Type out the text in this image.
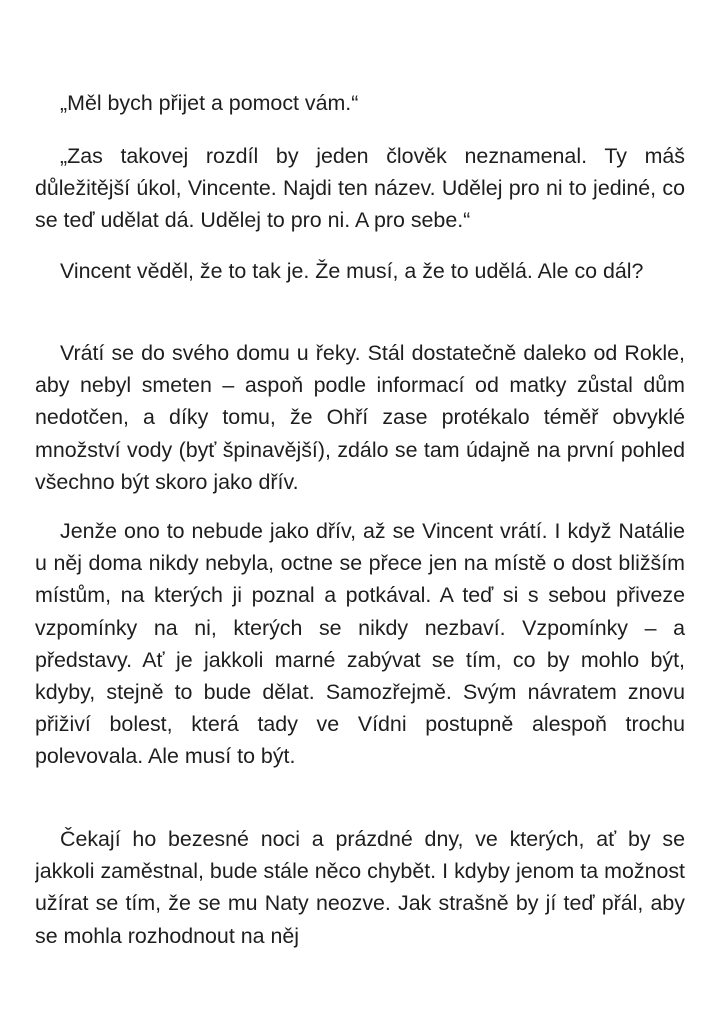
„Měl bych přijet a pomoct vám.“

„Zas takovej rozdíl by jeden člověk neznamenal. Ty máš důležitější úkol, Vincente. Najdi ten název. Udělej pro ni to jediné, co se teď udělat dá. Udělej to pro ni. A pro sebe.“

Vincent věděl, že to tak je. Že musí, a že to udělá. Ale co dál?

Vrátí se do svého domu u řeky. Stál dostatečně daleko od Rokle, aby nebyl smeten – aspoň podle informací od matky zůstal dům nedotčen, a díky tomu, že Ohří zase protékalo téměř obvyklé množství vody (byť špinavější), zdálo se tam údajně na první pohled všechno být skoro jako dřív.

Jenže ono to nebude jako dřív, až se Vincent vrátí. I když Natálie u něj doma nikdy nebyla, octne se přece jen na místě o dost bližším místům, na kterých ji poznal a potkával. A teď si s sebou přiveze vzpomínky na ni, kterých se nikdy nezbaví. Vzpomínky – a představy. Ať je jakkoli marné zabývat se tím, co by mohlo být, kdyby, stejně to bude dělat. Samozřejmě. Svým návratem znovu přiživí bolest, která tady ve Vídni postupně alespoň trochu polevovala. Ale musí to být.

Čekají ho bezesné noci a prázdné dny, ve kterých, ať by se jakkoli zaměstnal, bude stále něco chybět. I kdyby jenom ta možnost užírat se tím, že se mu Naty neozve. Jak strašně by jí teď přál, aby se mohla rozhodnout na něj
